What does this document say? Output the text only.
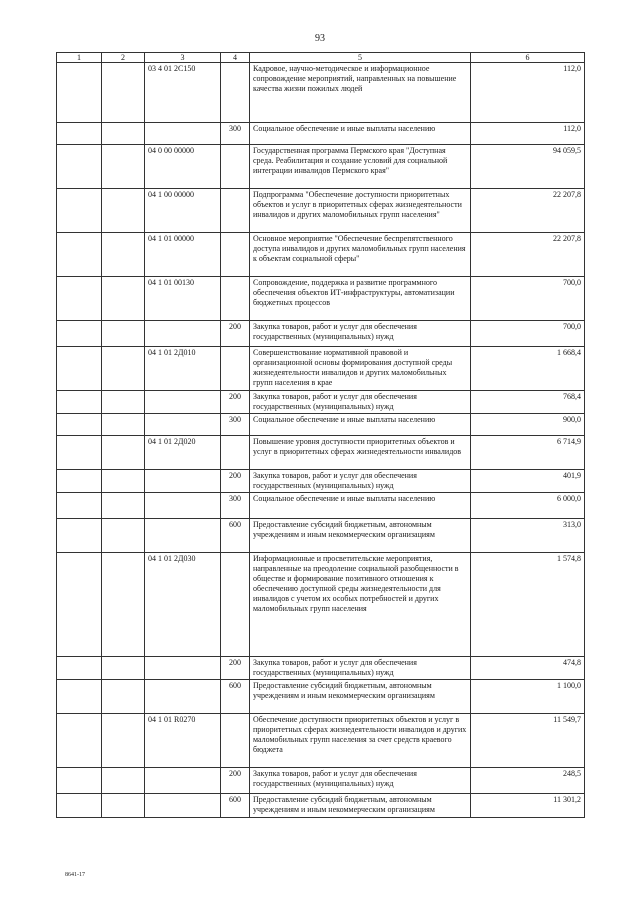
93
1	2	3	4	5	6
		03 4 01 2С150		Кадровое, научно-методическое и информационное сопровождение мероприятий, направленных на повышение качества жизни пожилых людей	112,0
			300	Социальное обеспечение и иные выплаты населению	112,0
		04 0 00 00000		Государственная программа Пермского края "Доступная среда. Реабилитация и создание условий для социальной интеграции инвалидов Пермского края"	94 059,5
		04 1 00 00000		Подпрограмма "Обеспечение доступности приоритетных объектов и услуг в приоритетных сферах жизнедеятельности инвалидов и других маломобильных групп населения"	22 207,8
		04 1 01 00000		Основное мероприятие "Обеспечение беспрепятственного доступа инвалидов и других маломобильных групп населения к объектам социальной сферы"	22 207,8
		04 1 01 00130		Сопровождение, поддержка и развитие программного обеспечения объектов ИТ-инфраструктуры, автоматизации бюджетных процессов	700,0
			200	Закупка товаров, работ и услуг для обеспечения государственных (муниципальных) нужд	700,0
		04 1 01 2Д010		Совершенствование нормативной правовой и организационной основы формирования доступной среды жизнедеятельности инвалидов и других маломобильных групп населения в крае	1 668,4
			200	Закупка товаров, работ и услуг для обеспечения государственных (муниципальных) нужд	768,4
			300	Социальное обеспечение и иные выплаты населению	900,0
		04 1 01 2Д020		Повышение уровня доступности приоритетных объектов и услуг в приоритетных сферах жизнедеятельности инвалидов	6 714,9
			200	Закупка товаров, работ и услуг для обеспечения государственных (муниципальных) нужд	401,9
			300	Социальное обеспечение и иные выплаты населению	6 000,0
			600	Предоставление субсидий бюджетным, автономным учреждениям и иным некоммерческим организациям	313,0
		04 1 01 2Д030		Информационные и просветительские мероприятия, направленные на преодоление социальной разобщенности в обществе и формирование позитивного отношения к обеспечению доступной среды жизнедеятельности для инвалидов с учетом их особых потребностей и других маломобильных групп населения	1 574,8
			200	Закупка товаров, работ и услуг для обеспечения государственных (муниципальных) нужд	474,8
			600	Предоставление субсидий бюджетным, автономным учреждениям и иным некоммерческим организациям	1 100,0
		04 1 01 R0270		Обеспечение доступности приоритетных объектов и услуг в приоритетных сферах жизнедеятельности инвалидов и других маломобильных групп населения за счет средств краевого бюджета	11 549,7
			200	Закупка товаров, работ и услуг для обеспечения государственных (муниципальных) нужд	248,5
			600	Предоставление субсидий бюджетным, автономным учреждениям и иным некоммерческим организациям	11 301,2
8641-17
